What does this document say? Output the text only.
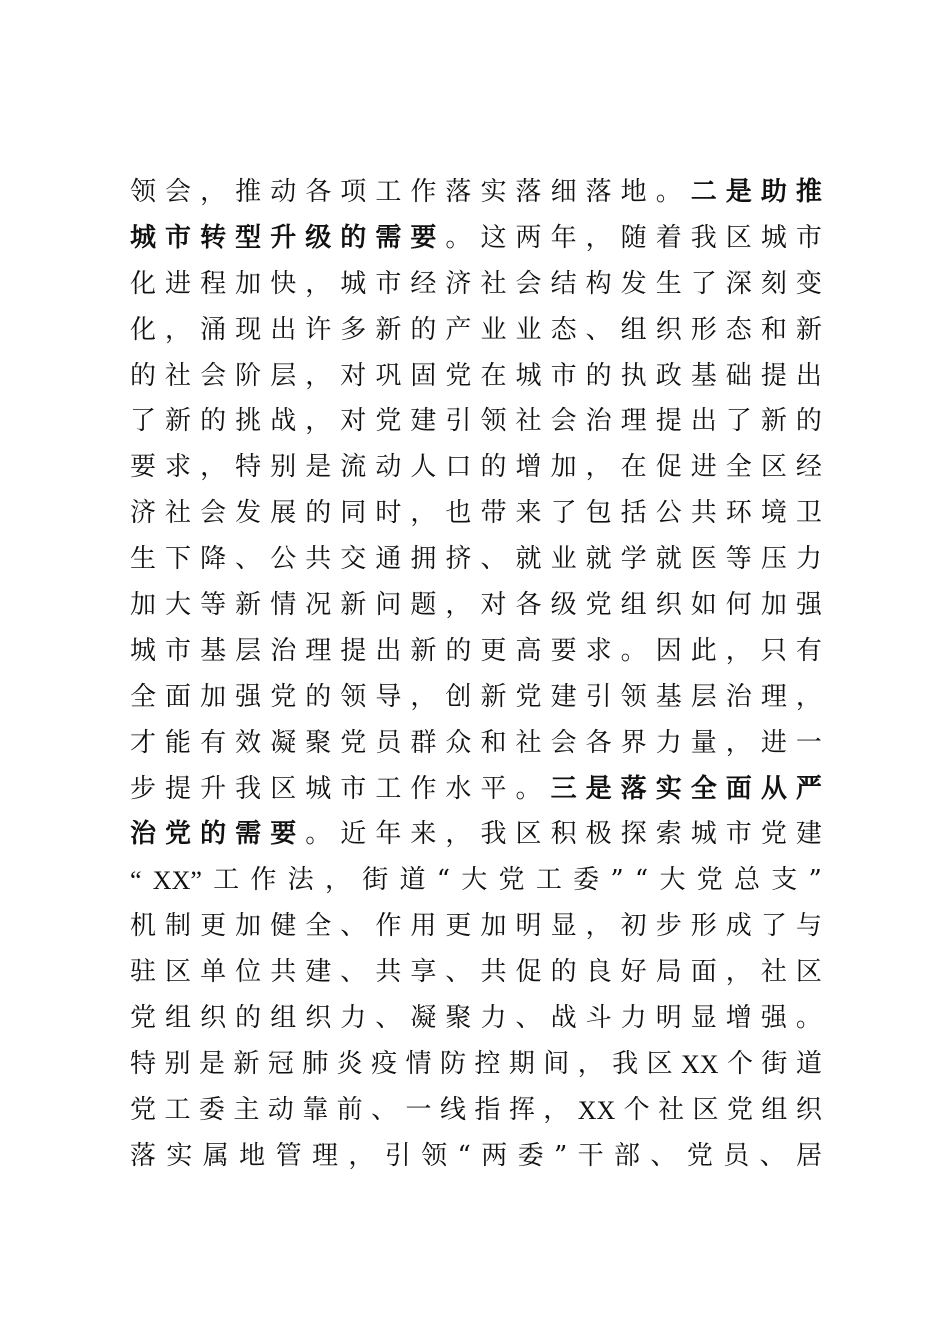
领 会 ， 推 动 各 项 工 作 落 实 落 细 落 地 。 二 是 助 推
城 市 转 型 升 级 的 需 要 。 这 两 年 ， 随 着 我 区 城 市
化 进 程 加 快 ， 城 市 经 济 社 会 结 构 发 生 了 深 刻 变
化 ， 涌 现 出 许 多 新 的 产 业 业 态 、 组 织 形 态 和 新
的 社 会 阶 层 ， 对 巩 固 党 在 城 市 的 执 政 基 础 提 出
了 新 的 挑 战 ， 对 党 建 引 领 社 会 治 理 提 出 了 新 的
要 求 ， 特 别 是 流 动 人 口 的 增 加 ， 在 促 进 全 区 经
济 社 会 发 展 的 同 时 ， 也 带 来 了 包 括 公 共 环 境 卫
生 下 降 、 公 共 交 通 拥 挤 、 就 业 就 学 就 医 等 压 力
加 大 等 新 情 况 新 问 题 ， 对 各 级 党 组 织 如 何 加 强
城 市 基 层 治 理 提 出 新 的 更 高 要 求 。 因 此 ， 只 有
全 面 加 强 党 的 领 导 ， 创 新 党 建 引 领 基 层 治 理 ，
才 能 有 效 凝 聚 党 员 群 众 和 社 会 各 界 力 量 ， 进 一
步 提 升 我 区 城 市 工 作 水 平 。 三 是 落 实 全 面 从 严
治 党 的 需 要 。 近 年 来 ， 我 区 积 极 探 索 城 市 党 建
“ XX” 工 作 法 ， 街 道 “ 大 党 工 委 ” “ 大 党 总 支 ”
机 制 更 加 健 全 、 作 用 更 加 明 显 ， 初 步 形 成 了 与
驻 区 单 位 共 建 、 共 享 、 共 促 的 良 好 局 面 ， 社 区
党 组 织 的 组 织 力 、 凝 聚 力 、 战 斗 力 明 显 增 强 。
特 别 是 新 冠 肺 炎 疫 情 防 控 期 间 ， 我 区 XX 个 街 道
党 工 委 主 动 靠 前 、 一 线 指 挥 ， XX 个 社 区 党 组 织
落 实 属 地 管 理 ， 引 领 “ 两 委 ” 干 部 、 党 员 、 居
